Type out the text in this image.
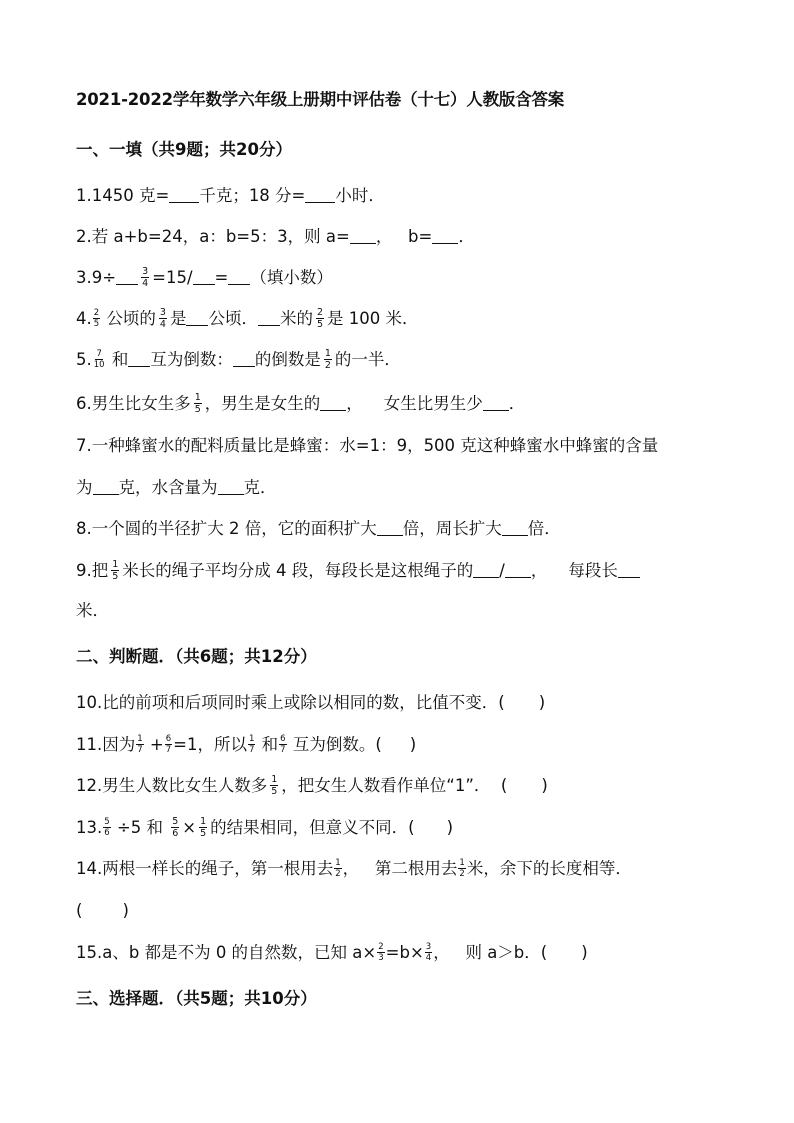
2021-2022学年数学六年级上册期中评估卷（十七）人教版含答案
一、一填（共9题；共20分）
1.1450 克= 千克；18 分= 小时．
2.若 a+b=24，a：b=5：3，则 a= ，   b= ．
3.9÷	$\frac{3}{4} =15/$ = （填小数）
4. $\frac{2}{5}$ 公顷的 $\frac{3}{4}$ 是 公顷． 米的 $\frac{2}{5}$ 是 100 米．
5. $\frac{7}{10}$ 和 互为倒数： 的倒数是 $\frac{1}{2}$ 的一半．
6.男生比女生多 $\frac{1}{5}$ ，男生是女生的 ，    女生比男生少 ．
7.一种蜂蜜水的配料质量比是蜂蜜：水=1：9，500 克这种蜂蜜水中蜂蜜的含量
为 克，水含量为 克．
8.一个圆的半径扩大 2 倍，它的面积扩大 倍，周长扩大 倍．
9.把 $\frac{1}{5}$ 米长的绳子平均分成 4 段，每段长是这根绳子的 / ，    每段长
米．
二、判断题．（共6题；共12分）
10.比的前项和后项同时乘上或除以相同的数，比值不变．( )
11.因为 $\frac{1}{7} + \frac{6}{7} =1$，所以 $\frac{1}{7}$ 和 $\frac{6}{7}$ 互为倒数。( )
12.男生人数比女生人数多 $\frac{1}{5}$ ，把女生人数看作单位“1”．  ( )
13. $\frac{5}{6} \div 5$ 和 $\frac{5}{6} \times \frac{1}{5}$ 的结果相同，但意义不同．( )
14.两根一样长的绳子，第一根用去 $\frac{1}{2}$ ，   第二根用去 $\frac{1}{2}$ 米，余下的长度相等．
( )
15.a、b 都是不为 0 的自然数，已知 $a\times \frac{2}{3} =b\times \frac{3}{4}$ ，   则 a＞b．( )
三、选择题．（共5题；共10分）
